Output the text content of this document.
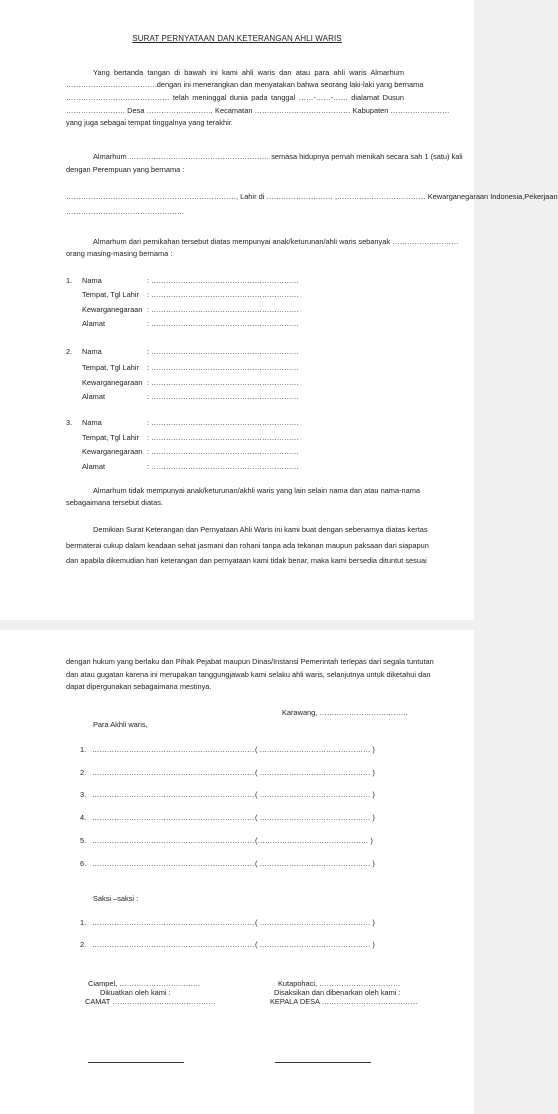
SURAT PERNYATAAN DAN KETERANGAN AHLI WARIS
Yang bertanda tangan di bawah ini kami ahli waris dan atau para ahli waris Almarhum
……………………………….dengan ini menerangkan dan menyatakan bahwa seorang laki-laki yang bernama
…………………………………… telah meninggal dunia pada tanggal ……-……-…… dialamat Dusun
…………………… Desa ……………………… Kecamatan ………………………………… Kabupaten ……………………
yang juga sebagai tempat tinggalnya yang terakhir.
Almarhum ………………………………………………… semasa hidupnya pernah menikah secara sah 1 (satu) kali
dengan Perempuan yang bernama :
……………………………………………………………, Lahir di ……………………… ,……………………………… Kewarganegaraan Indonesia,Pekerjaan
…………………………………………
Almarhum dari pernikahan tersebut diatas mempunyai anak/keturunan/ahli waris sebanyak ………………………
orang masing-masing bernama :
1. Nama
Tempat, Tgl Lahir
Kewarganegaraan
Alamat
: ……………………………………………………
: ……………………………………………………
: ……………………………………………………
: ……………………………………………………
2. Nama
Tempat, Tgl Lahir
Kewarganegaraan
Alamat
: ……………………………………………………
: ……………………………………………………
: ……………………………………………………
: ……………………………………………………
3. Nama
Tempat, Tgl Lahir
Kewarganegaraan
Alamat
: ……………………………………………………
: ……………………………………………………
: ……………………………………………………
: ……………………………………………………
Almarhum tidak mempunyai anak/keturunan/akhli waris yang lain selain nama dan atau nama-nama
sebagaimana tersebut diatas.
Demikian Surat Keterangan dan Pernyataan Ahli Waris ini kami buat dengan sebenarnya diatas kertas
bermaterai cukup dalam keadaan sehat jasmani dan rohani tanpa ada tekanan maupun paksaan dari siapapun
dan apabila dikemudian hari keterangan dan pernyataan kami tidak benar, maka kami bersedia dituntut sesuai
dengan hukum yang berlaku dan Pihak Pejabat maupun Dinas/Instansi Pemerintah terlepas dari segala tuntutan
dan atau gugatan karena ini merupakan tanggungjawab kami selaku ahli waris, selanjutnya untuk diketahui dan
dapat dipergunakan sebagaimana mestinya.
Karawang, ………………………………
Para Akhli waris,
1. ………………………………………………………… ( ……………………………………… )
2. ………………………………………………………… ( ……………………………………… )
3. ………………………………………………………… ( ……………………………………… )
4. ………………………………………………………… ( ……………………………………… )
5. ………………………………………………………… (……………………………………… )
6. ………………………………………………………… ( ……………………………………… )
Saksi –saksi :
1. ………………………………………………………… ( ……………………………………… )
2. ………………………………………………………… ( ……………………………………… )
Ciampel, ……………………………
Dikuatkan oleh kami :
CAMAT ……………………………………
Kutapohaci, ……………………………
Disaksikan dan dibenarkan oleh kami :
KEPALA DESA …………………………………
